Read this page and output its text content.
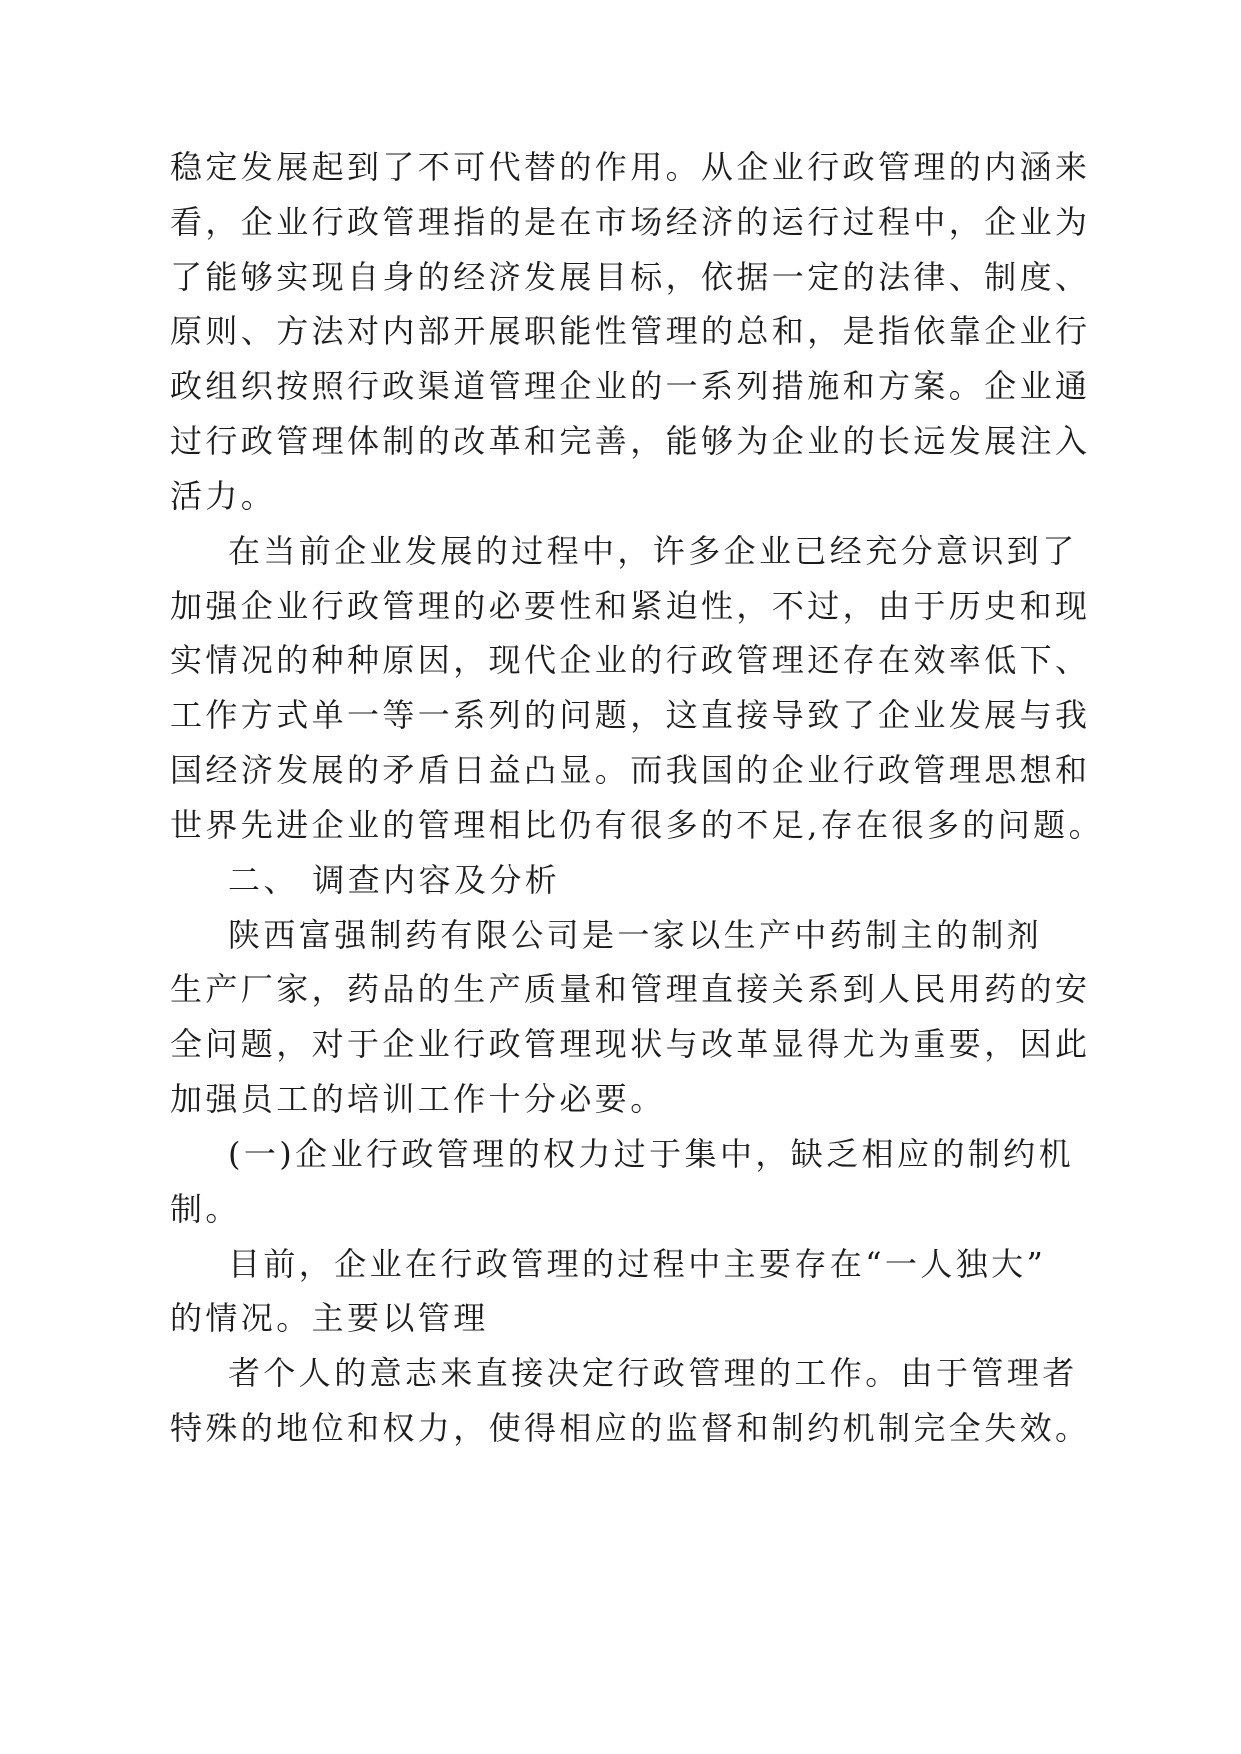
稳定发展起到了不可代替的作用。从企业行政管理的内涵来

看，企业行政管理指的是在市场经济的运行过程中，企业为

了能够实现自身的经济发展目标，依据一定的法律、制度、

原则、方法对内部开展职能性管理的总和，是指依靠企业行

政组织按照行政渠道管理企业的一系列措施和方案。企业通

过行政管理体制的改革和完善，能够为企业的长远发展注入

活力。

在当前企业发展的过程中，许多企业已经充分意识到了

加强企业行政管理的必要性和紧迫性，不过，由于历史和现

实情况的种种原因，现代企业的行政管理还存在效率低下、

工作方式单一等一系列的问题，这直接导致了企业发展与我

国经济发展的矛盾日益凸显。而我国的企业行政管理思想和

世界先进企业的管理相比仍有很多的不足,存在很多的问题。

二、 调查内容及分析

陕西富强制药有限公司是一家以生产中药制主的制剂

生产厂家，药品的生产质量和管理直接关系到人民用药的安

全问题，对于企业行政管理现状与改革显得尤为重要，因此

加强员工的培训工作十分必要。

(一)企业行政管理的权力过于集中，缺乏相应的制约机

制。

目前，企业在行政管理的过程中主要存在“一人独大”

的情况。主要以管理

者个人的意志来直接决定行政管理的工作。由于管理者

特殊的地位和权力，使得相应的监督和制约机制完全失效。
